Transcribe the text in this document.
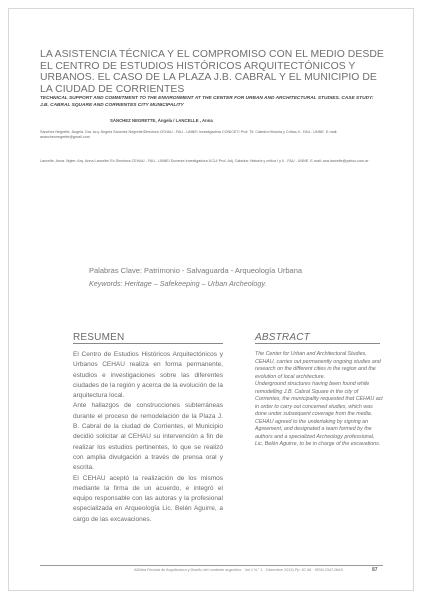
LA ASISTENCIA TÉCNICA Y EL COMPROMISO CON EL MEDIO DESDE EL CENTRO DE ESTUDIOS HISTÓRICOS ARQUITECTÓNICOS Y URBANOS. EL CASO DE LA PLAZA J.B. CABRAL Y EL MUNICIPIO DE LA CIUDAD DE CORRIENTES
TECHNICAL SUPPORT AND COMMITMENT TO THE ENVIRONMENT AT THE CENTER FOR URBAN AND ARCHITECTURAL STUDIES. CASE STUDY: J.B. CABRAL SQUARE AND CORRIENTES CITY MUNICIPALITY
SÁNCHEZ NEGRETTE, Ángela / LANCELLE , Anna
Sánchez Negrette, Ángela. Dra. Arq. Ángela Sánchez Negrette/Directora CEHAU - FAU - UNNE/ Investigadora CONICET/ Prof. Tit. Cátedra Historia y Crítica II - FAU - UNNE. E-mail: asanchesnegrette@gmail.com
Lancelle, Anna. Mgter. Arq. Anna Lancelle/ Ex Directora CEHAU - FAU - UNNE/ Docente Investigadora UCU/ Prof. Adj. Cátedra: Historia y crítica I y II - FAU - UNNE. E-mail: ana.lancelle@yahoo.com.ar
Palabras Clave: Patrimonio - Salvaguarda - Arqueología Urbana
Keywords: Heritage – Safekeeping – Urban Archeology.
RESUMEN

El Centro de Estudios Históricos Arquitectónicos y Urbanos CEHAU realiza en forma permanente, estudios e investigaciones sobre las diferentes ciudades de la región y acerca de la evolución de la arquitectura local.

Ante hallazgos de construcciones subterráneas durante el proceso de remodelación de la Plaza J. B. Cabral de la ciudad de Corrientes, el Municipio decidió solicitar al CEHAU su intervención a fin de realizar los estudios pertinentes, lo que se realizó con amplia divulgación a través de prensa oral y escrita.

El CEHAU aceptó la realización de los mismos mediante la firma de un acuerdo, e integró el equipo responsable con las autoras y la profesional especializada en Arqueología Lic. Belén Aguirre, a cargo de las excavaciones.

ABSTRACT

The Center for Urban and Architectural Studies, CEHAU, carries out permanently ongoing studies and research on the different cities in the region and the evolution of local architecture.

Underground structures having been found while remodelling J.B. Cabral Square in the city of Corrientes, the municipality requested that CEHAU act in order to carry out concerned studies, which was done under subsequent coverage from the media. CEHAU agreed to the undertaking by signing an Agreement, and designated a team formed by the authors and a specialized Archeology professional, Lic. Belén Aguirre, to be in charge of the excavations.

ADNea Revista de Arquitectura y Diseño del nordeste argentino · Vol 1 N.° 1 · Diciembre 2013) Pp. 87-96 · ISSN 2347-064X	87
